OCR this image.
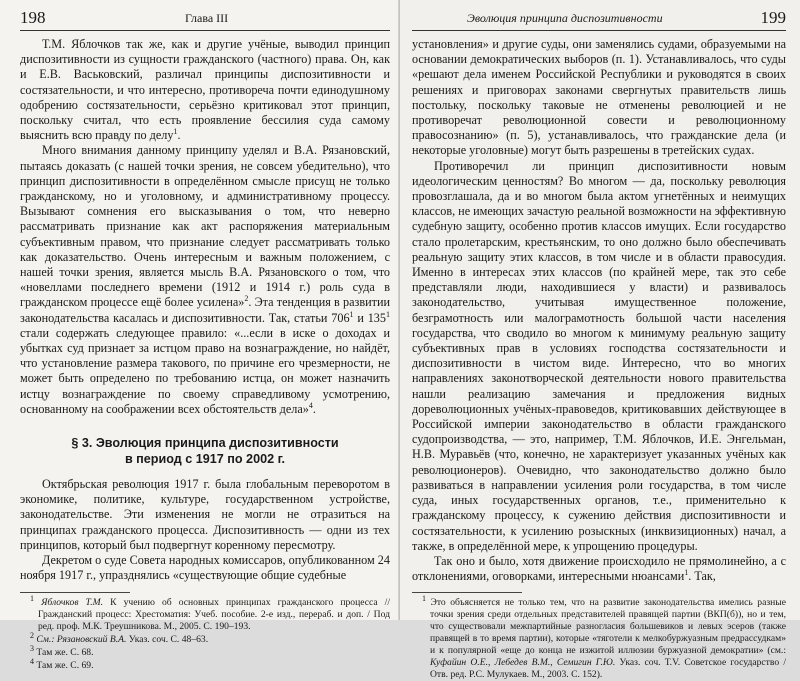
198	Глава III

Т.М. Яблочков так же, как и другие учёные, выводил принцип диспозитивности из сущности гражданского (частного) права. Он, как и Е.В. Васьковский, различал принципы диспозитивности и состязательности, и что интересно, противореча почти единодушному одобрению состязательности, серьёзно критиковал этот принцип, поскольку считал, что есть проявление бессилия суда самому выяснить всю правду по делу$^1$.

Много внимания данному принципу уделял и В.А. Рязановский, пытаясь доказать (с нашей точки зрения, не совсем убедительно), что принцип диспозитивности в определённом смысле присущ не только гражданскому, но и уголовному, и административному процессу. Вызывают сомнения его высказывания о том, что неверно рассматривать признание как акт распоряжения материальным субъективным правом, что признание следует рассматривать только как доказательство. Очень интересным и важным положением, с нашей точки зрения, является мысль В.А. Рязановского о том, что «новеллами последнего времени (1912 и 1914 г.) роль суда в гражданском процессе ещё более усилена»$^2$. Эта тенденция в развитии законодательства касалась и диспозитивности. Так, статьи $706^1$ и $135^1$ стали содержать следующее правило: «...если в иске о доходах и убытках суд признает за истцом право на вознаграждение, но найдёт, что установление размера такового, по причине его чрезмерности, не может быть определено по требованию истца, он может назначить истцу вознаграждение по своему справедливому усмотрению, основанному на соображении всех обстоятельств дела»$^4$.

§ 3. Эволюция принципа диспозитивности
в период с 1917 по 2002 г.

Октябрьская революция 1917 г. была глобальным переворотом в экономике, политике, культуре, государственном устройстве, законодательстве. Эти изменения не могли не отразиться на принципах гражданского процесса. Диспозитивность — одни из тех принципов, который был подвергнут коренному пересмотру.

Декретом о суде Совета народных комиссаров, опубликованном 24 ноября 1917 г., упразднялись «существующие общие судебные

$^1$ Яблочков Т.М. К учению об основных принципах гражданского процесса // Гражданский процесс: Хрестоматия: Учеб. пособие. 2-е изд., перераб. и доп. / Под ред. проф. М.К. Треушникова. М., 2005. С. 190–193.
$^2$ См.: Рязановский В.А. Указ. соч. С. 48–63.
$^3$ Там же. С. 68.
$^4$ Там же. С. 69.
Эволюция принципа диспозитивности	199

установления» и другие суды, они заменялись судами, образуемыми на основании демократических выборов (п. 1). Устанавливалось, что суды «решают дела именем Российской Республики и руководятся в своих решениях и приговорах законами свергнутых правительств лишь постольку, поскольку таковые не отменены революцией и не противоречат революционной совести и революционному правосознанию» (п. 5), устанавливалось, что гражданские дела (и некоторые уголовные) могут быть разрешены в третейских судах.

Противоречил ли принцип диспозитивности новым идеологическим ценностям? Во многом — да, поскольку революция провозглашала, да и во многом была актом угнетённых и неимущих классов, не имеющих зачастую реальной возможности на эффективную судебную защиту, особенно против классов имущих. Если государство стало пролетарским, крестьянским, то оно должно было обеспечивать реальную защиту этих классов, в том числе и в области правосудия. Именно в интересах этих классов (по крайней мере, так это себе представляли люди, находившиеся у власти) и развивалось законодательство, учитывая имущественное положение, безграмотность или малограмотность большой части населения государства, что сводило во многом к минимуму реальную защиту субъективных прав в условиях господства состязательности и диспозитивности в чистом виде. Интересно, что во многих направлениях законотворческой деятельности нового правительства нашли реализацию замечания и предложения видных дореволюционных учёных-правоведов, критиковавших действующее в Российской империи законодательство в области гражданского судопроизводства, — это, например, Т.М. Яблочков, И.Е. Энгельман, Н.В. Муравьёв (что, конечно, не характеризует указанных учёных как революционеров). Очевидно, что законодательство должно было развиваться в направлении усиления роли государства, в том числе суда, иных государственных органов, т.е., применительно к гражданскому процессу, к сужению действия диспозитивности и состязательности, к усилению розыскных (инквизиционных) начал, а также, в определённой мере, к упрощению процедуры.

Так оно и было, хотя движение происходило не прямолинейно, а с отклонениями, оговорками, интересными нюансами$^1$. Так,

$^1$ Это объясняется не только тем, что на развитие законодательства имелись разные точки зрения среди отдельных представителей правящей партии (ВКП(б)), но и тем, что существовали межпартийные разногласия большевиков и левых эсеров (также правящей в то время партии), которые «тяготели к мелкобуржуазным предрассудкам» и к популярной «еще до конца не изжитой иллюзии буржуазной демократии» (см.: Куфайин О.Е., Лебедев В.М., Семигин Г.Ю. Указ. соч. Т.V. Советское государство / Отв. ред. Р.С. Мулукаев. М., 2003. С. 152).
